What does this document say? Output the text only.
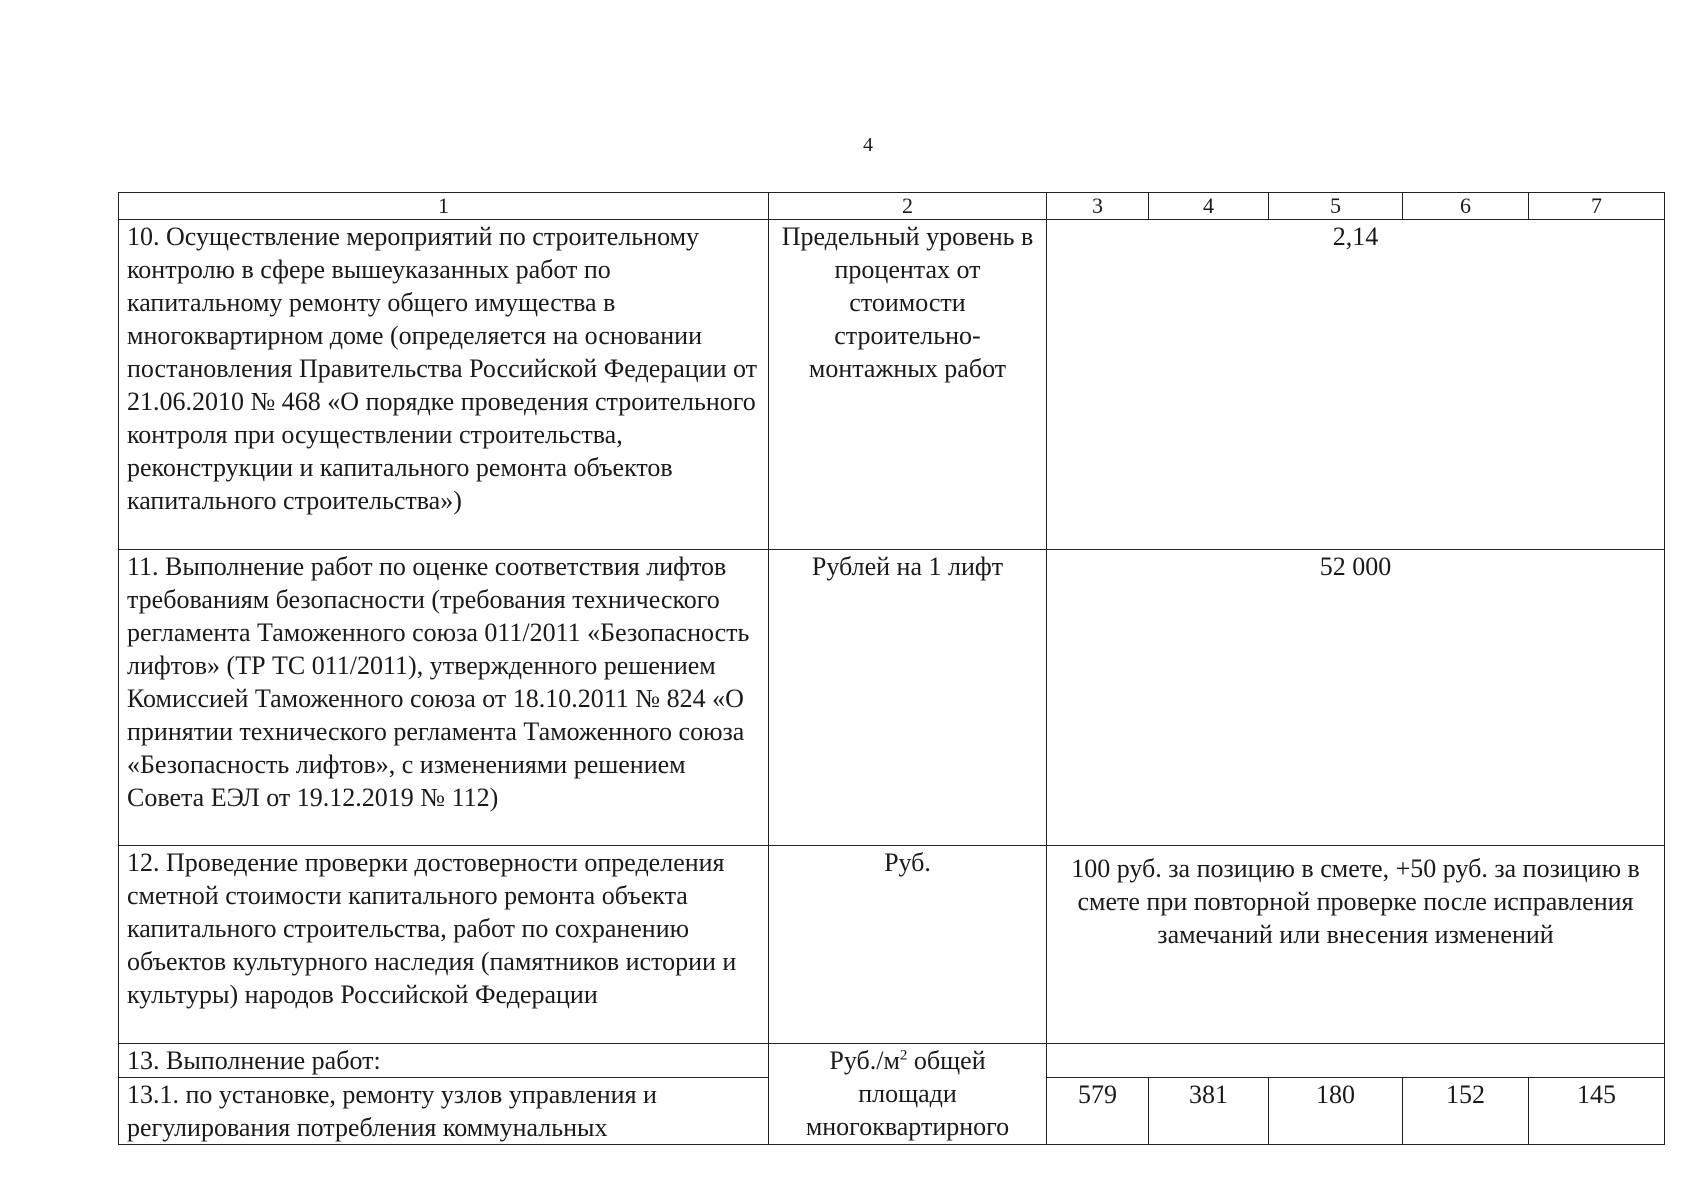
4
1	2	3	4	5	6	7
10. Осуществление мероприятий по строительному контролю в сфере вышеуказанных работ по капитальному ремонту общего имущества в многоквартирном доме (определяется на основании постановления Правительства Российской Федерации от 21.06.2010 № 468 «О порядке проведения строительного контроля при осуществлении строительства, реконструкции и капитального ремонта объектов капитального строительства»)	Предельный уровень в процентах от стоимости строительно-монтажных работ	2,14				
11. Выполнение работ по оценке соответствия лифтов требованиям безопасности (требования технического регламента Таможенного союза 011/2011 «Безопасность лифтов» (ТР ТС 011/2011), утвержденного решением Комиссией Таможенного союза от 18.10.2011 № 824 «О принятии технического регламента Таможенного союза «Безопасность лифтов», с изменениями решением Совета ЕЭЛ от 19.12.2019 № 112)	Рублей на 1 лифт	52 000				
12. Проведение проверки достоверности определения сметной стоимости капитального ремонта объекта капитального строительства, работ по сохранению объектов культурного наследия (памятников истории и культуры) народов Российской Федерации	Руб.	100 руб. за позицию в смете, +50 руб. за позицию в смете при повторной проверке после исправления замечаний или внесения изменений				
13. Выполнение работ:	$Руб./м^2$ общей площади многоквартирного					
13.1. по установке, ремонту узлов управления и регулирования потребления коммунальных		579	381	180	152	145
